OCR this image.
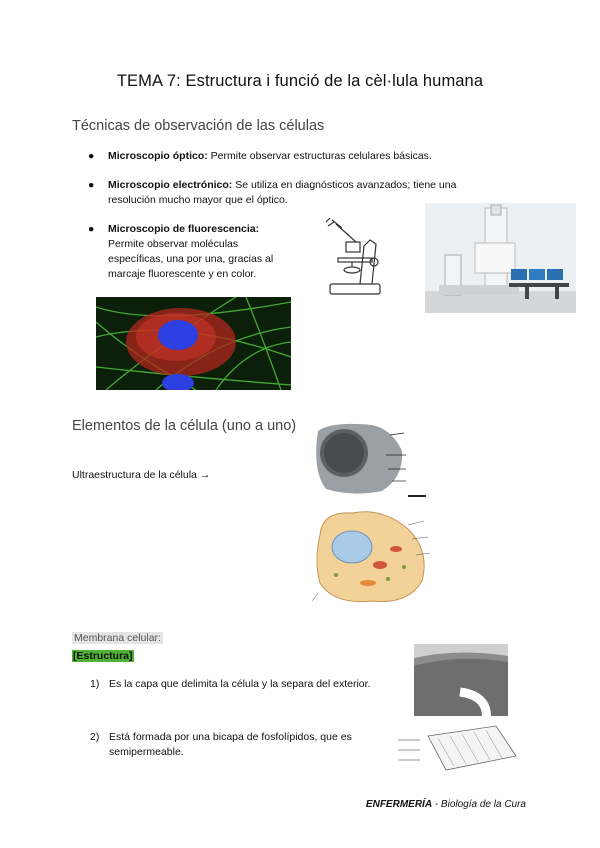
TEMA 7: Estructura i funció de la cèl·lula humana
Técnicas de observación de las células
● Microscopio óptico: Permite observar estructuras celulares básicas.
● Microscopio electrónico: Se utiliza en diagnósticos avanzados; tiene una resolución mucho mayor que el óptico.
● Microscopio de fluorescencia:
Permite observar moléculas específicas, una por una, gracias al marcaje fluorescente y en color.
Elementos de la célula (uno a uno)
Ultraestructura de la célula →
Membrana celular:
[Estructura]
1) Es la capa que delimita la célula y la separa del exterior.
2) Está formada por una bicapa de fosfolípidos, que es semipermeable.
ENFERMERÍA - Biología de la Cura
